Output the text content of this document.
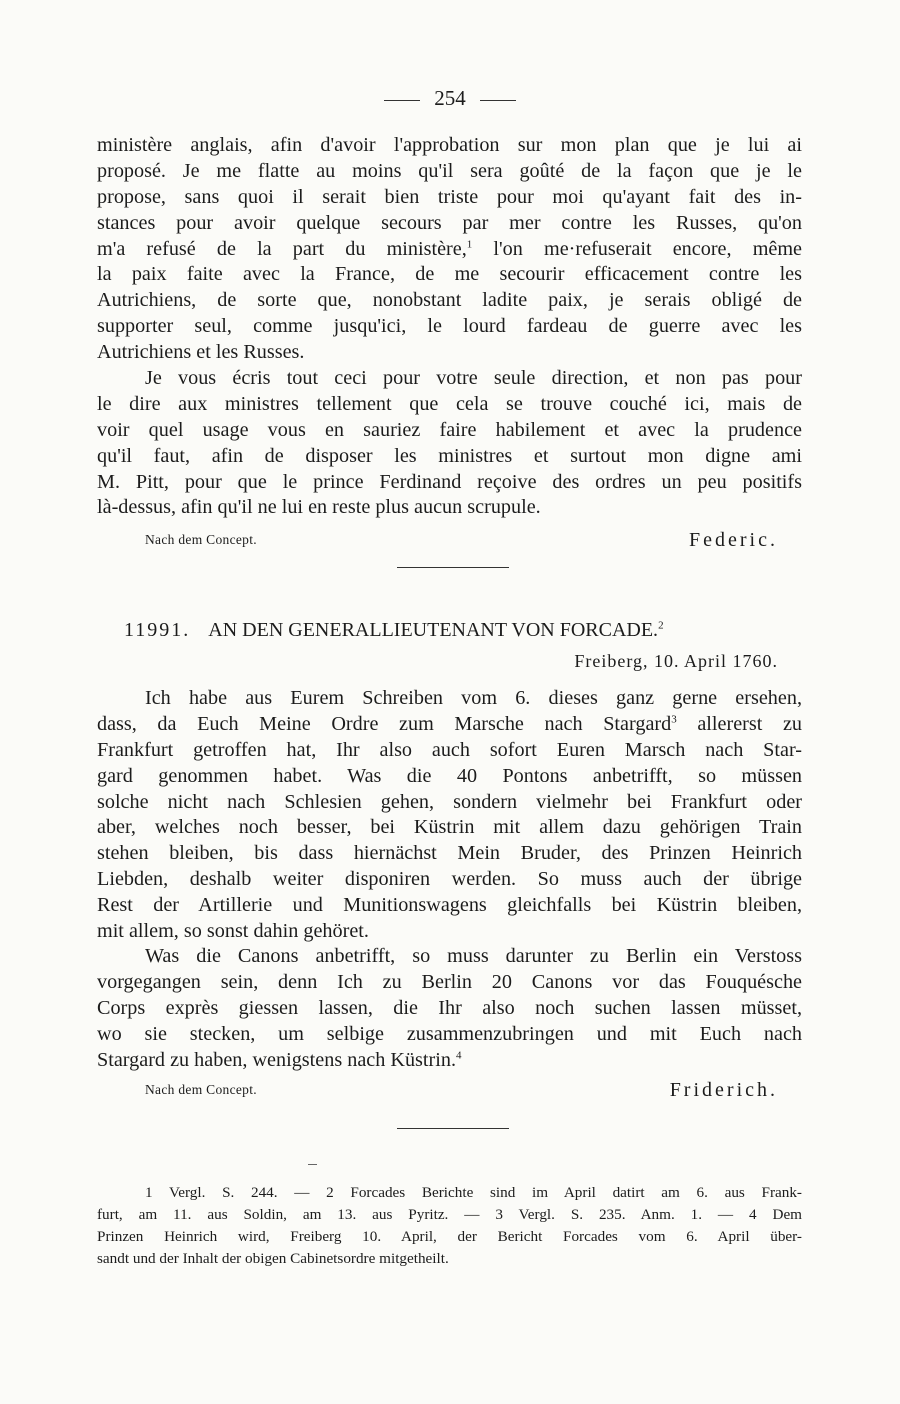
254
ministère anglais, afin d'avoir l'approbation sur mon plan que je lui ai
proposé. Je me flatte au moins qu'il sera goûté de la façon que je le
propose, sans quoi il serait bien triste pour moi qu'ayant fait des in-
stances pour avoir quelque secours par mer contre les Russes, qu'on
m'a refusé de la part du ministère,$^1$ l'on me·refuserait encore, même
la paix faite avec la France, de me secourir efficacement contre les
Autrichiens, de sorte que, nonobstant ladite paix, je serais obligé de
supporter seul, comme jusqu'ici, le lourd fardeau de guerre avec les
Autrichiens et les Russes.
Je vous écris tout ceci pour votre seule direction, et non pas pour
le dire aux ministres tellement que cela se trouve couché ici, mais de
voir quel usage vous en sauriez faire habilement et avec la prudence
qu'il faut, afin de disposer les ministres et surtout mon digne ami
M. Pitt, pour que le prince Ferdinand reçoive des ordres un peu positifs
là-dessus, afin qu'il ne lui en reste plus aucun scrupule.
Nach dem Concept.	Federic.
11991. AN DEN GENERALLIEUTENANT VON FORCADE.$^2$
Freiberg, 10. April 1760.
Ich habe aus Eurem Schreiben vom 6. dieses ganz gerne ersehen,
dass, da Euch Meine Ordre zum Marsche nach Stargard$^3$ allererst zu
Frankfurt getroffen hat, Ihr also auch sofort Euren Marsch nach Star-
gard genommen habet. Was die 40 Pontons anbetrifft, so müssen
solche nicht nach Schlesien gehen, sondern vielmehr bei Frankfurt oder
aber, welches noch besser, bei Küstrin mit allem dazu gehörigen Train
stehen bleiben, bis dass hiernächst Mein Bruder, des Prinzen Heinrich
Liebden, deshalb weiter disponiren werden. So muss auch der übrige
Rest der Artillerie und Munitionswagens gleichfalls bei Küstrin bleiben,
mit allem, so sonst dahin gehöret.
Was die Canons anbetrifft, so muss darunter zu Berlin ein Verstoss
vorgegangen sein, denn Ich zu Berlin 20 Canons vor das Fouquésche
Corps exprès giessen lassen, die Ihr also noch suchen lassen müsset,
wo sie stecken, um selbige zusammenzubringen und mit Euch nach
Stargard zu haben, wenigstens nach Küstrin.$^4$
Nach dem Concept.	Friderich.
1 Vergl. S. 244. — 2 Forcades Berichte sind im April datirt am 6. aus Frank-
furt, am 11. aus Soldin, am 13. aus Pyritz. — 3 Vergl. S. 235. Anm. 1. — 4 Dem
Prinzen Heinrich wird, Freiberg 10. April, der Bericht Forcades vom 6. April über-
sandt und der Inhalt der obigen Cabinetsordre mitgetheilt.
